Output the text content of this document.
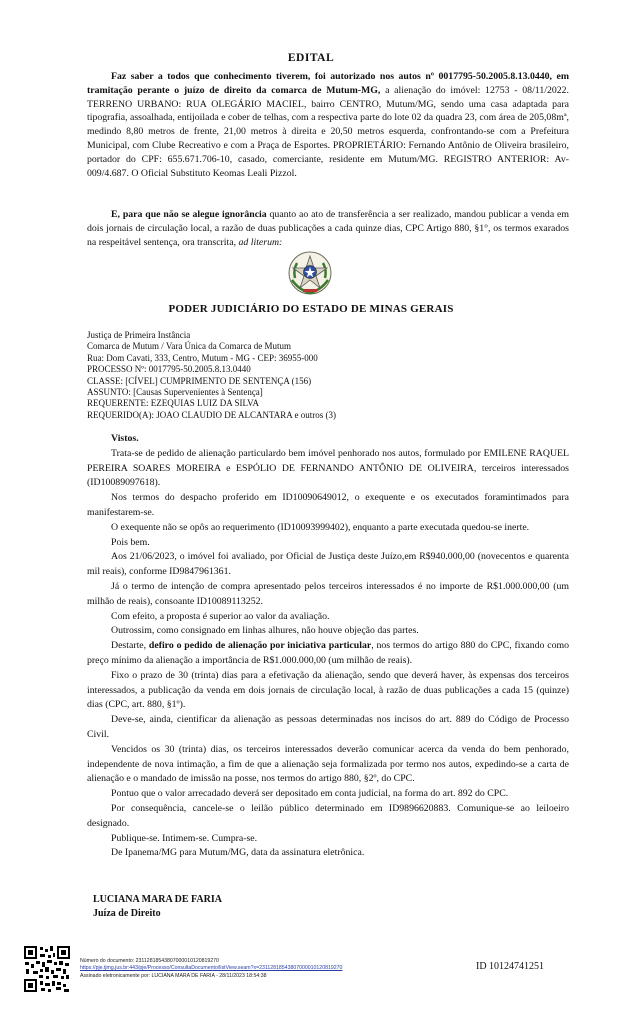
EDITAL

Faz saber a todos que conhecimento tiverem, foi autorizado nos autos nº 0017795-50.2005.8.13.0440, em tramitação perante o juízo de direito da comarca de Mutum-MG, a alienação do imóvel: 12753 - 08/11/2022. TERRENO URBANO: RUA OLEGÁRIO MACIEL, bairro CENTRO, Mutum/MG, sendo uma casa adaptada para tipografia, assoalhada, entijoilada e cober de telhas, com a respectiva parte do lote 02 da quadra 23, com área de 205,08mª, medindo 8,80 metros de frente, 21,00 metros à direita e 20,50 metros esquerda, confrontando-se com a Prefeitura Municipal, com Clube Recreativo e com a Praça de Esportes. PROPRIETÁRIO: Fernando Antônio de Oliveira brasileiro, portador do CPF: 655.671.706-10, casado, comerciante, residente em Mutum/MG. REGISTRO ANTERIOR: Av-009/4.687. O Oficial Substituto Keomas Leali Pizzol.

E, para que não se alegue ignorância quanto ao ato de transferência a ser realizado, mandou publicar a venda em dois jornais de circulação local, a razão de duas publicações a cada quinze dias, CPC Artigo 880, §1°, os termos exarados na respeitável sentença, ora transcrita, ad literum:

PODER JUDICIÁRIO DO ESTADO DE MINAS GERAIS
Justiça de Primeira Instância
Comarca de Mutum / Vara Única da Comarca de Mutum
Rua: Dom Cavati, 333, Centro, Mutum - MG - CEP: 36955-000
PROCESSO Nº: 0017795-50.2005.8.13.0440
CLASSE: [CÍVEL] CUMPRIMENTO DE SENTENÇA (156)
ASSUNTO: [Causas Supervenientes à Sentença]
REQUERENTE: EZEQUIAS LUIZ DA SILVA
REQUERIDO(A): JOAO CLAUDIO DE ALCANTARA e outros (3)

Vistos.

Trata-se de pedido de alienação particulardo bem imóvel penhorado nos autos, formulado por EMILENE RAQUEL PEREIRA SOARES MOREIRA e ESPÓLIO DE FERNANDO ANTÔNIO DE OLIVEIRA, terceiros interessados (ID10089097618).

Nos termos do despacho proferido em ID10090649012, o exequente e os executados foramintimados para manifestarem-se.

O exequente não se opôs ao requerimento (ID10093999402), enquanto a parte executada quedou-se inerte.

Pois bem.

Aos 21/06/2023, o imóvel foi avaliado, por Oficial de Justiça deste Juízo,em R$940.000,00 (novecentos e quarenta mil reais), conforme ID9847961361.

Já o termo de intenção de compra apresentado pelos terceiros interessados é no importe de R$1.000.000,00 (um milhão de reais), consoante ID10089113252.

Com efeito, a proposta é superior ao valor da avaliação.

Outrossim, como consignado em linhas alhures, não houve objeção das partes.

Destarte, defiro o pedido de alienação por iniciativa particular, nos termos do artigo 880 do CPC, fixando como preço mínimo da alienação a importância de R$1.000.000,00 (um milhão de reais).

Fixo o prazo de 30 (trinta) dias para a efetivação da alienação, sendo que deverá haver, às expensas dos terceiros interessados, a publicação da venda em dois jornais de circulação local, à razão de duas publicações a cada 15 (quinze) dias (CPC, art. 880, §1º).

Deve-se, ainda, cientificar da alienação as pessoas determinadas nos incisos do art. 889 do Código de Processo Civil.

Vencidos os 30 (trinta) dias, os terceiros interessados deverão comunicar acerca da venda do bem penhorado, independente de nova intimação, a fim de que a alienação seja formalizada por termo nos autos, expedindo-se a carta de alienação e o mandado de imissão na posse, nos termos do artigo 880, §2º, do CPC.

Pontuo que o valor arrecadado deverá ser depositado em conta judicial, na forma do art. 892 do CPC.

Por consequência, cancele-se o leilão público determinado em ID9896620883. Comunique-se ao leiloeiro designado.

Publique-se. Intimem-se. Cumpra-se.

De Ipanema/MG para Mutum/MG, data da assinatura eletrônica.

LUCIANA MARA DE FARIA
Juíza de Direito
Número do documento: 23112818543807000010120819270
https://pje.tjmg.jus.br:443/pje/Processo/ConsultaDocumento/listView.seam?x=23112818543807000010120819270
Assinado eletronicamente por: LUCIANA MARA DE FARIA - 28/11/2023 18:54:38
ID 10124741251
